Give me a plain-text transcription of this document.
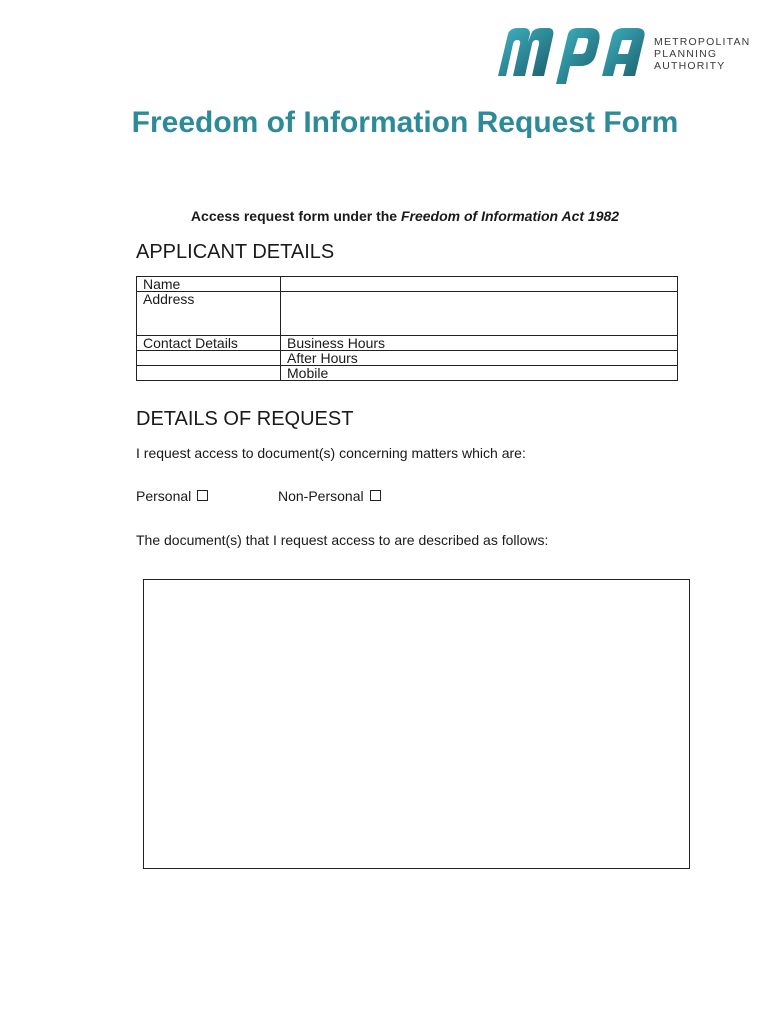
METROPOLITAN
PLANNING
AUTHORITY
Freedom of Information Request Form
Access request form under the Freedom of Information Act 1982
APPLICANT DETAILS
Name	
Address	
Contact Details	Business Hours
	After Hours
	Mobile
DETAILS OF REQUEST
I request access to document(s) concerning matters which are:
Personal	Non-Personal
The document(s) that I request access to are described as follows:
